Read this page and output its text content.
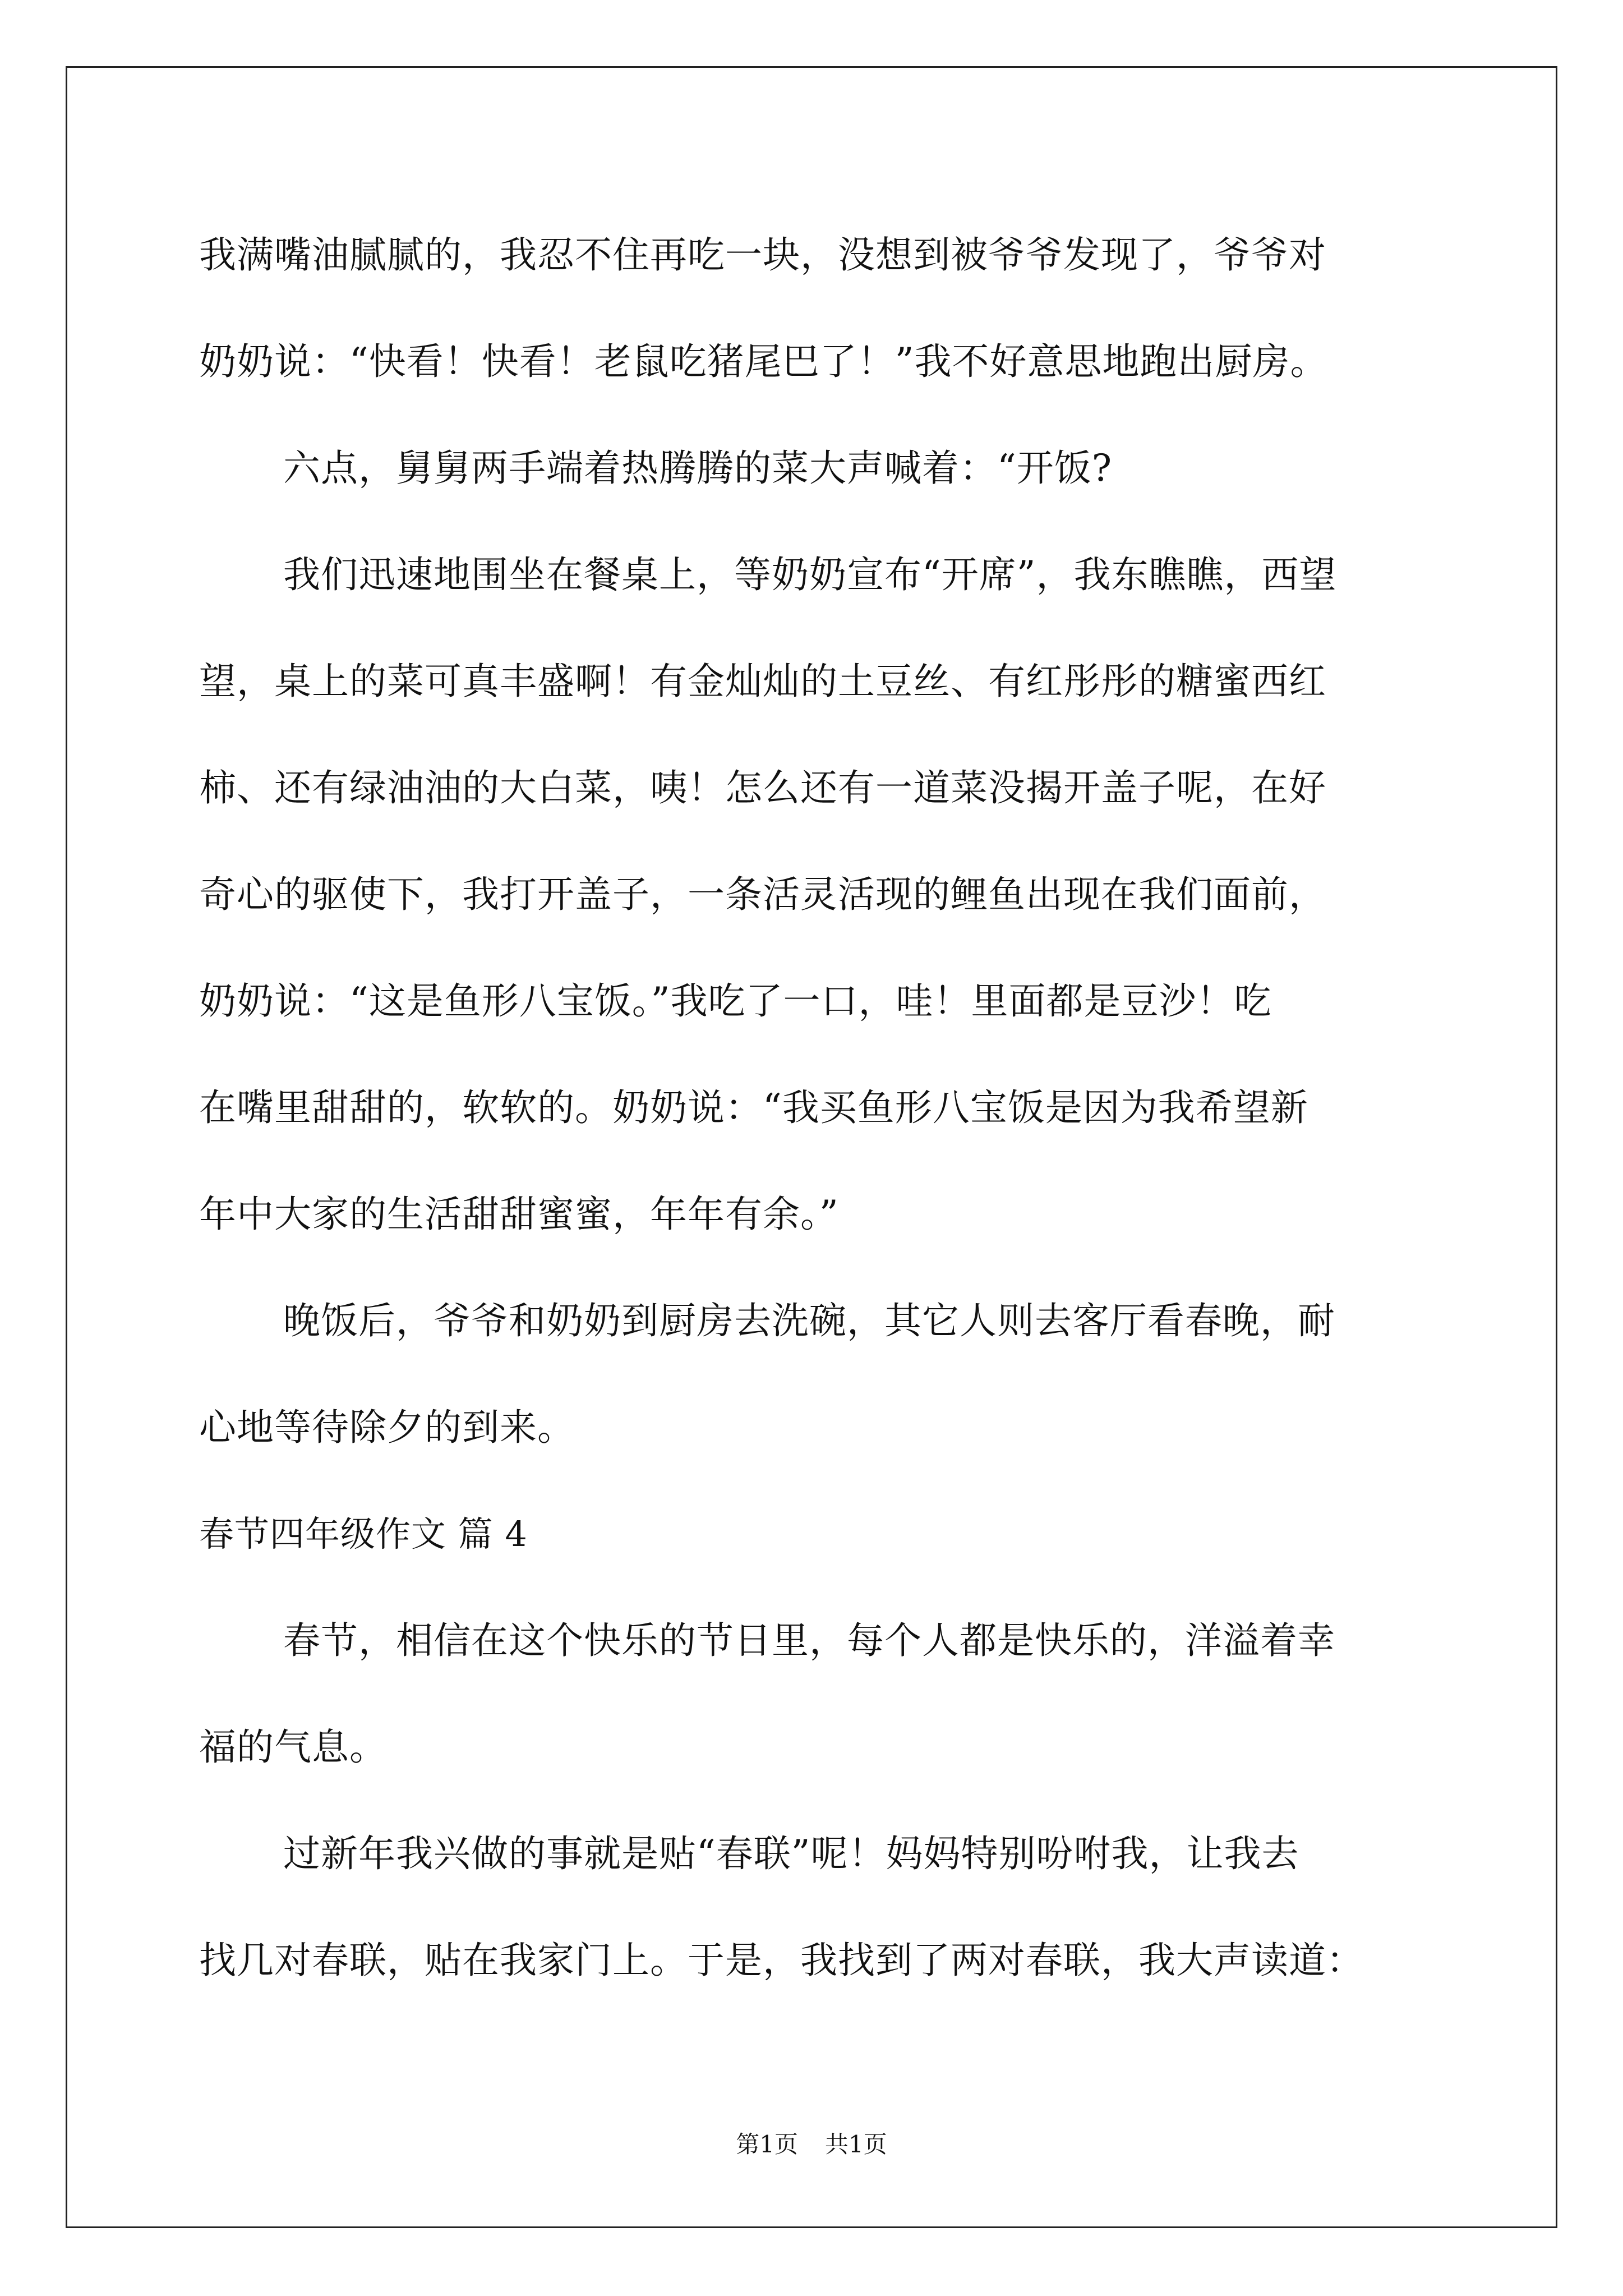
我满嘴油腻腻的，我忍不住再吃一块，没想到被爷爷发现了，爷爷对
奶奶说：“快看！快看！老鼠吃猪尾巴了！”我不好意思地跑出厨房。
六点，舅舅两手端着热腾腾的菜大声喊着：“开饭?
我们迅速地围坐在餐桌上，等奶奶宣布“开席”，我东瞧瞧，西望
望，桌上的菜可真丰盛啊！有金灿灿的土豆丝、有红彤彤的糖蜜西红
柿、还有绿油油的大白菜，咦！怎么还有一道菜没揭开盖子呢，在好
奇心的驱使下，我打开盖子，一条活灵活现的鲤鱼出现在我们面前，
奶奶说：“这是鱼形八宝饭。”我吃了一口，哇！里面都是豆沙！吃
在嘴里甜甜的，软软的。奶奶说：“我买鱼形八宝饭是因为我希望新
年中大家的生活甜甜蜜蜜，年年有余。”
晚饭后，爷爷和奶奶到厨房去洗碗，其它人则去客厅看春晚，耐
心地等待除夕的到来。
春节四年级作文 篇 4
春节，相信在这个快乐的节日里，每个人都是快乐的，洋溢着幸
福的气息。
过新年我兴做的事就是贴“春联”呢！妈妈特别吩咐我，让我去
找几对春联，贴在我家门上。于是，我找到了两对春联，我大声读道：
第1页 共1页
